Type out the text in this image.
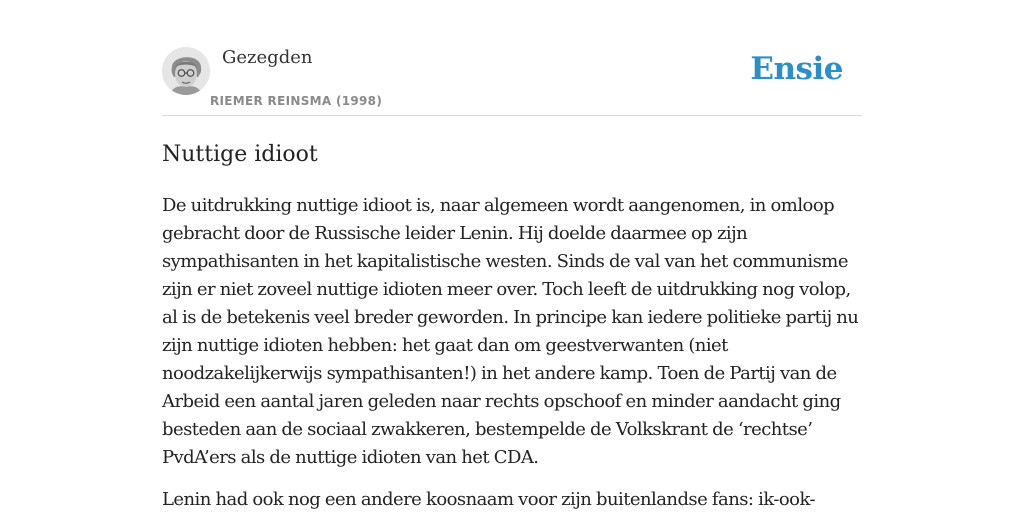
Gezegden
RIEMER REINSMA (1998)
Ensie
Nuttige idioot

De uitdrukking nuttige idioot is, naar algemeen wordt aangenomen, in omloop
gebracht door de Russische leider Lenin. Hij doelde daarmee op zijn
sympathisanten in het kapitalistische westen. Sinds de val van het communisme
zijn er niet zoveel nuttige idioten meer over. Toch leeft de uitdrukking nog volop,
al is de betekenis veel breder geworden. In principe kan iedere politieke partij nu
zijn nuttige idioten hebben: het gaat dan om geestverwanten (niet
noodzakelijkerwijs sympathisanten!) in het andere kamp. Toen de Partij van de
Arbeid een aantal jaren geleden naar rechts opschoof en minder aandacht ging
besteden aan de sociaal zwakkeren, bestempelde de Volkskrant de ‘rechtse’
PvdA’ers als de nuttige idioten van het CDA.

Lenin had ook nog een andere koosnaam voor zijn buitenlandse fans: ik-ook-
